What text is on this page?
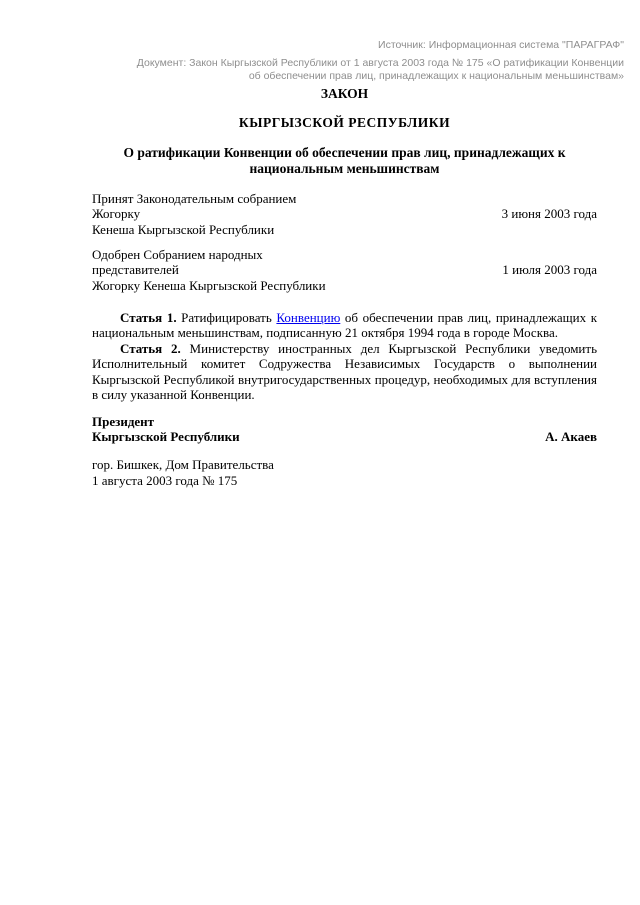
Источник: Информационная система "ПАРАГРАФ"
Документ: Закон Кыргызской Республики от 1 августа 2003 года № 175 «О ратификации Конвенции
об обеспечении прав лиц, принадлежащих к национальным меньшинствам»
ЗАКОН
КЫРГЫЗСКОЙ РЕСПУБЛИКИ
О ратификации Конвенции об обеспечении прав лиц, принадлежащих к
национальным меньшинствам
Принят Законодательным собранием
Жогорку
Кенеша Кыргызской Республики
3 июня 2003 года
Одобрен Собранием народных
представителей
Жогорку Кенеша Кыргызской Республики
1 июля 2003 года

Статья 1. Ратифицировать Конвенцию об обеспечении прав лиц, принадлежащих к национальным меньшинствам, подписанную 21 октября 1994 года в городе Москва.

Статья 2. Министерству иностранных дел Кыргызской Республики уведомить Исполнительный комитет Содружества Независимых Государств о выполнении Кыргызской Республикой внутригосударственных процедур, необходимых для вступления в силу указанной Конвенции.

Президент
Кыргызской Республики	А. Акаев
гор. Бишкек, Дом Правительства
1 августа 2003 года № 175
